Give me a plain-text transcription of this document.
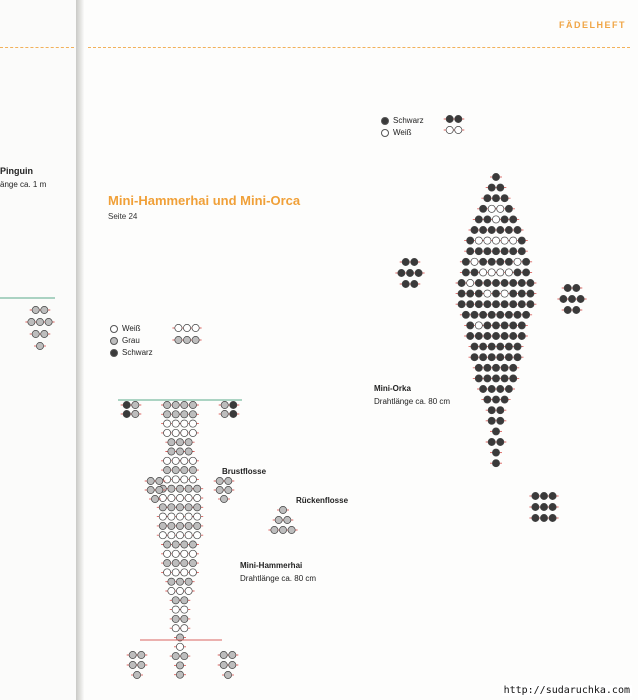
FÄDELHEFT
Pinguin
änge ca. 1 m
Mini-Hammerhai und Mini-Orca
Seite 24
Schwarz
Weiß
Weiß
Grau
Schwarz
Brustflosse
Rückenflosse
Mini-Hammerhai
Drahtlänge ca. 80 cm
Mini-Orka
Drahtlänge ca. 80 cm
http://sudaruchka.com
